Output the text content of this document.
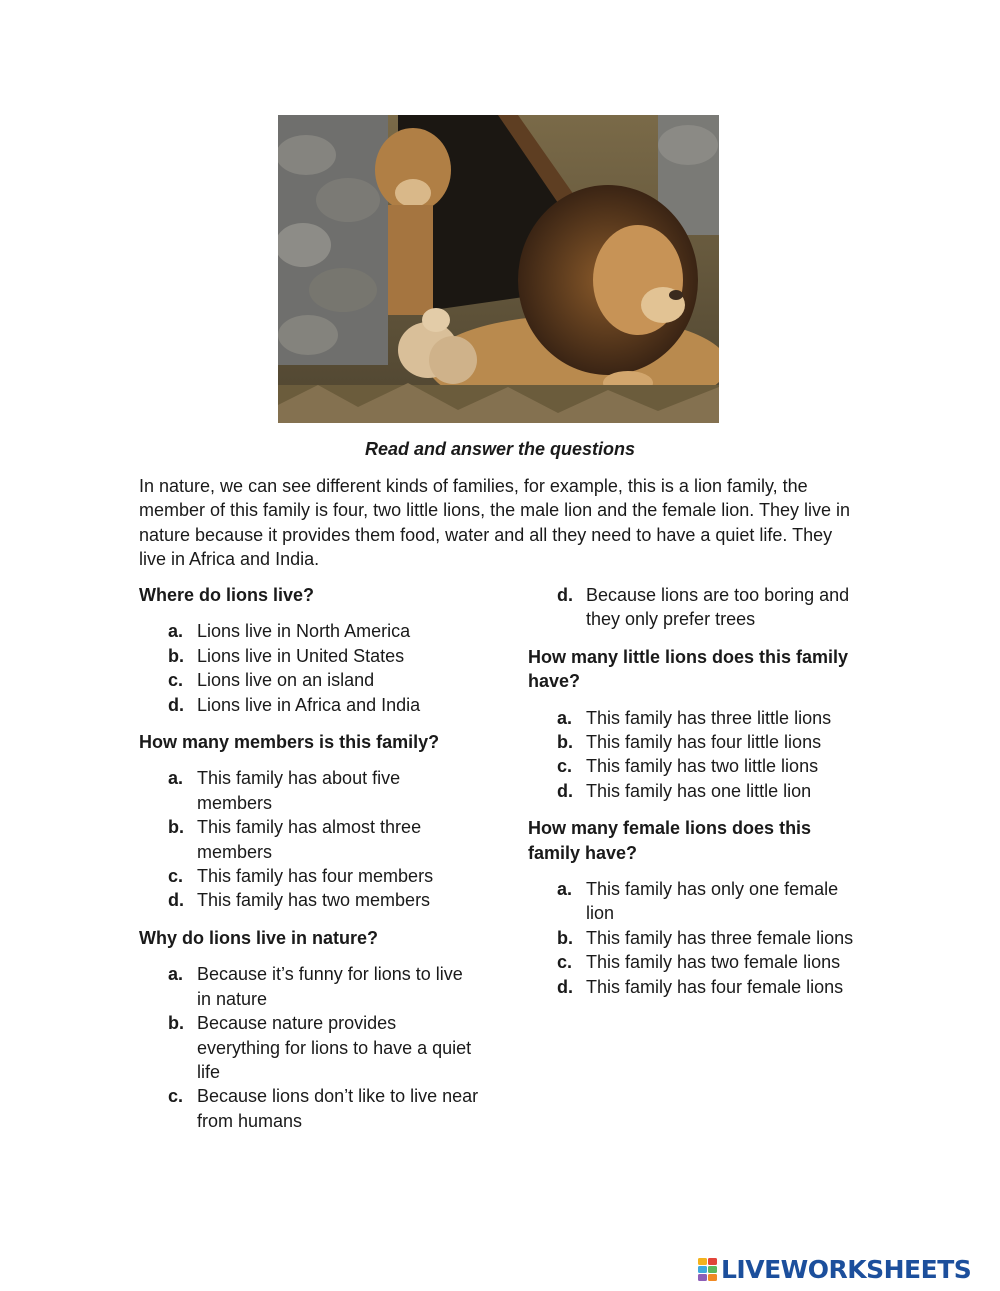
Read and answer the questions

In nature, we can see different kinds of families, for example, this is a lion family, the member of this family is four, two little lions, the male lion and the female lion. They live in nature because it provides them food, water and all they need to have a quiet life. They live in Africa and India.

Where do lions live?

a. Lions live in North America
b. Lions live in United States
c. Lions live on an island
d. Lions live in Africa and India

How many members is this family?

a. This family has about five members
b. This family has almost three members
c. This family has four members
d. This family has two members

Why do lions live in nature?

a. Because it’s funny for lions to live in nature
b. Because nature provides everything for lions to have a quiet life
c. Because lions don’t like to live near from humans
d. Because lions are too boring and they only prefer trees

How many little lions does this family have?

a. This family has three little lions
b. This family has four little lions
c. This family has two little lions
d. This family has one little lion

How many female lions does this family have?

a. This family has only one female lion
b. This family has three female lions
c. This family has two female lions
d. This family has four female lions
LIVEWORKSHEETS
